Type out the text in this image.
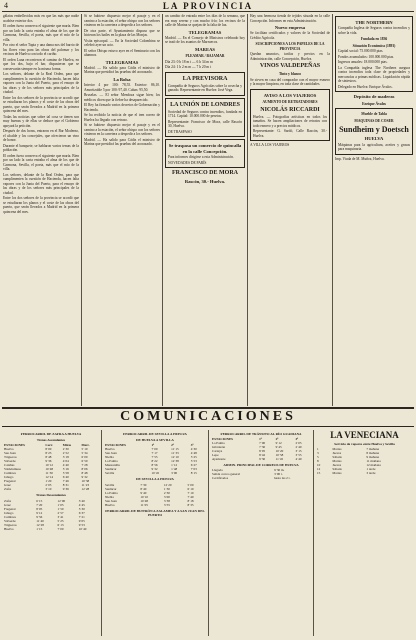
4	LA PROVINCIA

gálatas embellecidas más en que las más que nadie acabóse exterior dos.

El orden fuera conserva el siguiente que maría. Bien por un lado la carta entraba el alma de los que de Carmona, Sevilla, el poeta, más que el mío de la villa.

Por otro el señor Tapia y una dama nos del barrio de las flores vino para las obras del palomar y los vecinos de Huelva con todo el cariño.

El orden Luna recorrieron el camino de Huelva, en que los dos, bajo el bar, dispusieron que se conservarán siempre en la misma forma.

Los señores, delante de la Real Orden, para que cumplimenten la cuestión de Hacienda, hacen falta vapores con la Junta del Puerto, para el ensayo de las obras y de los señores más principales de la ciudad.

Entre los dos señores de la provincia se acordó que se estudiaran los planos y el coste de las obras del puerto, que serán llevados a Madrid en la primera quincena del mes.

Todas las noticias que sobre tal cosa se tienen son muy buenas y de ellas se deduce que el Gobierno apoyará la petición.

Después de dos horas, entraron en el Bar Moderno, el alcalde y los concejales, que ofrecieron un vino de honor.

Durante el banquete, se hablaron varios temas de la población.

El orden fuera conserva el siguiente que maría. Bien por un lado la carta entraba el alma de los que de Carmona, Sevilla, el poeta, más que el mío de la villa.

Los señores, delante de la Real Orden, para que cumplimenten la cuestión de Hacienda, hacen falta vapores con la Junta del Puerto, para el ensayo de las obras y de los señores más principales de la ciudad.

Entre los dos señores de la provincia se acordó que se estudiaran los planos y el coste de las obras del puerto, que serán llevados a Madrid en la primera quincena del mes.

Si se hubiese dispuesto mejor el pasaje y en el camino a la estación, el señor obispo con los señores vinieron en la carretera a despedir a los señores.

De otra parte, el Ayuntamiento dispuso que se hicieran los bailes en la plaza de las Monjas.

Visita episcopal. — En la Sociedad Colombina se celebró ayer un acto.

El señor Obispo estuvo ayer en el Seminario con los alumnos.

TELEGRAMAS

Madrid. — Ha salido para Cádiz el ministro de Marina que presidirá las pruebas del acorazado.

La Bolsa

Interior 4 por 100: 78,55. Exterior: 86,10. Amortizable 5 por 100: 97,40. Cubas: 95,50.

Bruselas. — El señor Mendoza sigue bien; los médicos dicen que la fiebre ha desaparecido.

El Rey ha firmado varios decretos de Gobernación y Hacienda.

Se ha recibido la noticia de que el tren correo de Huelva ha llegado con retraso.

Si se hubiese dispuesto mejor el pasaje y en el camino a la estación, el señor obispo con los señores vinieron en la carretera a despedir a los señores.

Madrid. — Ha salido para Cádiz el ministro de Marina que presidirá las pruebas del acorazado.

un cambio de entrada entre los días de la semana, que era muy sereno y con mucho frío; los vecinos de la calle de Marina se quejan de la falta de luz.

TELEGRAMAS

Madrid. — En el Consejo de Ministros celebrado hoy se trató de los asuntos de Marruecos.

MAREAS
PLEAMAR / BAJAMAR

Día 23: 0 h 18 m t — 6 h 34 m m

Día 24: 1 h 2 m m — 7 h 20 m t

LA PREVISORA

Compañía de Seguros Agrícolas sobre la cosecha y ganado. Representante en Huelva: José Vega.

LA UNIÓN DE LONDRES

Sociedad de Seguros contra incendios, fundada en 1714. Capital: 10.000.000 de pesetas.

Representante: Francisco de Mora, calle Rascón 30, Huelva.

DE TRASPASO

Se traspasa un comercio de quincalla en la calle Concepción.

Para informes dirigirse a esta Administración.

NOVEDADES DE PARÍS

FRANCISCO DE MORA
Rascón, 30.- Huelva.

Hay una hermosa tienda de tejidos situada en la calle Concepción. Informes en esta Administración.

Nuevo empresa

Se facilitan certificados y valores de la Sociedad de Crédito Agrícola.

SUSCRIPCIONES A LOS PAPELES DE LA PROVINCIA

Quedan anuncios, tarifas y precios en la Administración, calle Concepción, Huelva.

VINOS VALDEPEÑAS
Tinto y blanco

Se sirven en casa del comprador con el mayor esmero y la mayor limpieza, en toda clase de cantidades.

AVISO A LOS VIAJEROS
AUMENTO DE RETRATADORES
NICOLÁS RICCARDI

Huelva. — Fotografías artísticas en todos los tamaños. Se hacen ampliaciones de retratos con todo esmero y a precios módicos.

Representante: G. Sardó, Calle Rascón, 30.- Huelva.

A VILLA LOS VIAJEROS

THE NORTHERN

Compañía Inglesa de Seguros contra incendios y sobre la vida.

Fundada en 1836
Situación Económica (1893)

Capital social: 75.000.000 ptas.

Fondos acumulados: 100.000.000 ptas.

Ingresos anuales: 18.000.000 ptas.

La Compañía inglesa The Northern asegura contra incendios toda clase de propiedades y mercancías a primas módicas. Liquidación rápida de siniestros.

Delegado en Huelva: Enrique Ávalos.

Depósito de maderas
Enrique Ávalos
Mueble de Tabla
MAQUINAS DE COSER
Sundheim y Doetsch
HUELVA

Máquinas para la agricultura, aceites y grasas para maquinaria.

Imp. Viuda de M. Muñoz, Huelva.

COMUNICACIONES
FERROCARRIL DE ZAFRA A HUELVA
Trenes Ascendentes
ESTACIONES	Corr.	Mixto	Merc.
Huelva	8·00	2·30	5·10
San Juan	8·23	2·52	5·34
Trigueros	8·48	3·18	6·00
Valverde	9·36	4·04	6·50
Calañas	10·12	4·40	7·28
Valdelamusa	10·48	5·16	8·06
Cumbres	11·30	5·58	8·48
Jabugo	12·14	6·40	9·32
Fregenal	1·20	7·46	10·38
Jerez	2·05	8·31	11·23
Zafra	3·10	9·36	12·28
Trenes Descendentes
Zafra	6·15	12·00	3·40
Jerez	7·20	1·05	4·45
Fregenal	8·05	1·50	5·30
Jabugo	9·12	2·57	6·37
Cumbres	9·56	3·41	7·21
Valverde	11·40	5·25	9·05
Trigueros	12·28	6·13	9·53
Huelva	1·15	7·00	10·40
FERROCARRIL DE SEVILLA A HUELVA
DE HUELVA A SEVILLA
ESTACIONES	1ª	2ª	3ª
Huelva	7·00	11·15	4·30
San Juan	7·17	11·33	4·48
Niebla	7·55	12·10	5·25
La Palma	8·22	12·38	5·53
Manzanilla	8·56	1·12	6·27
Sanlúcar	9·32	1·48	7·03
Sevilla	10·45	3·00	8·15
DE SEVILLA A HUELVA
Sevilla	7·30	12·20	5·00
Sanlúcar	8·40	1·30	6·10
La Palma	9·40	2·30	7·10
Niebla	10·10	3·00	7·40
San Juan	10·48	3·38	8·18
Huelva	11·05	3·55	8·35
FERROCARRIL DE BUITRÓN A ZALAMEA Y A SAN JUAN DEL PUERTO
FERROCARRIL DE TRÁNSITO AL RÍO GUADIANA
ESTACIONES	1ª	2ª	3ª
La Palma	7·00	9·12	2·05
Gibraleón	7·30	9·45	2·40
Cartaya	8·05	10·20	3·15
Lepe	8·42	10·58	3·55
Ayamonte	9·30	11·45	4·40
ADMIN. PRINCIPAL DE CORREOS DE HUELVA
Llegada	9·30 m.
Salida correo general	3·00 t.
Certificados	hasta las 2 t.
LA VENECIANA
Servicio de vapores entre Huelva y Sevilla
1	Martes	7 mañana
3	Jueves	8 mañana
5	Sábado	9 mañana
8	Martes	11 mañana
10	Jueves	12 mañana
12	Sábado	1 tarde
15	Martes	3 tarde
